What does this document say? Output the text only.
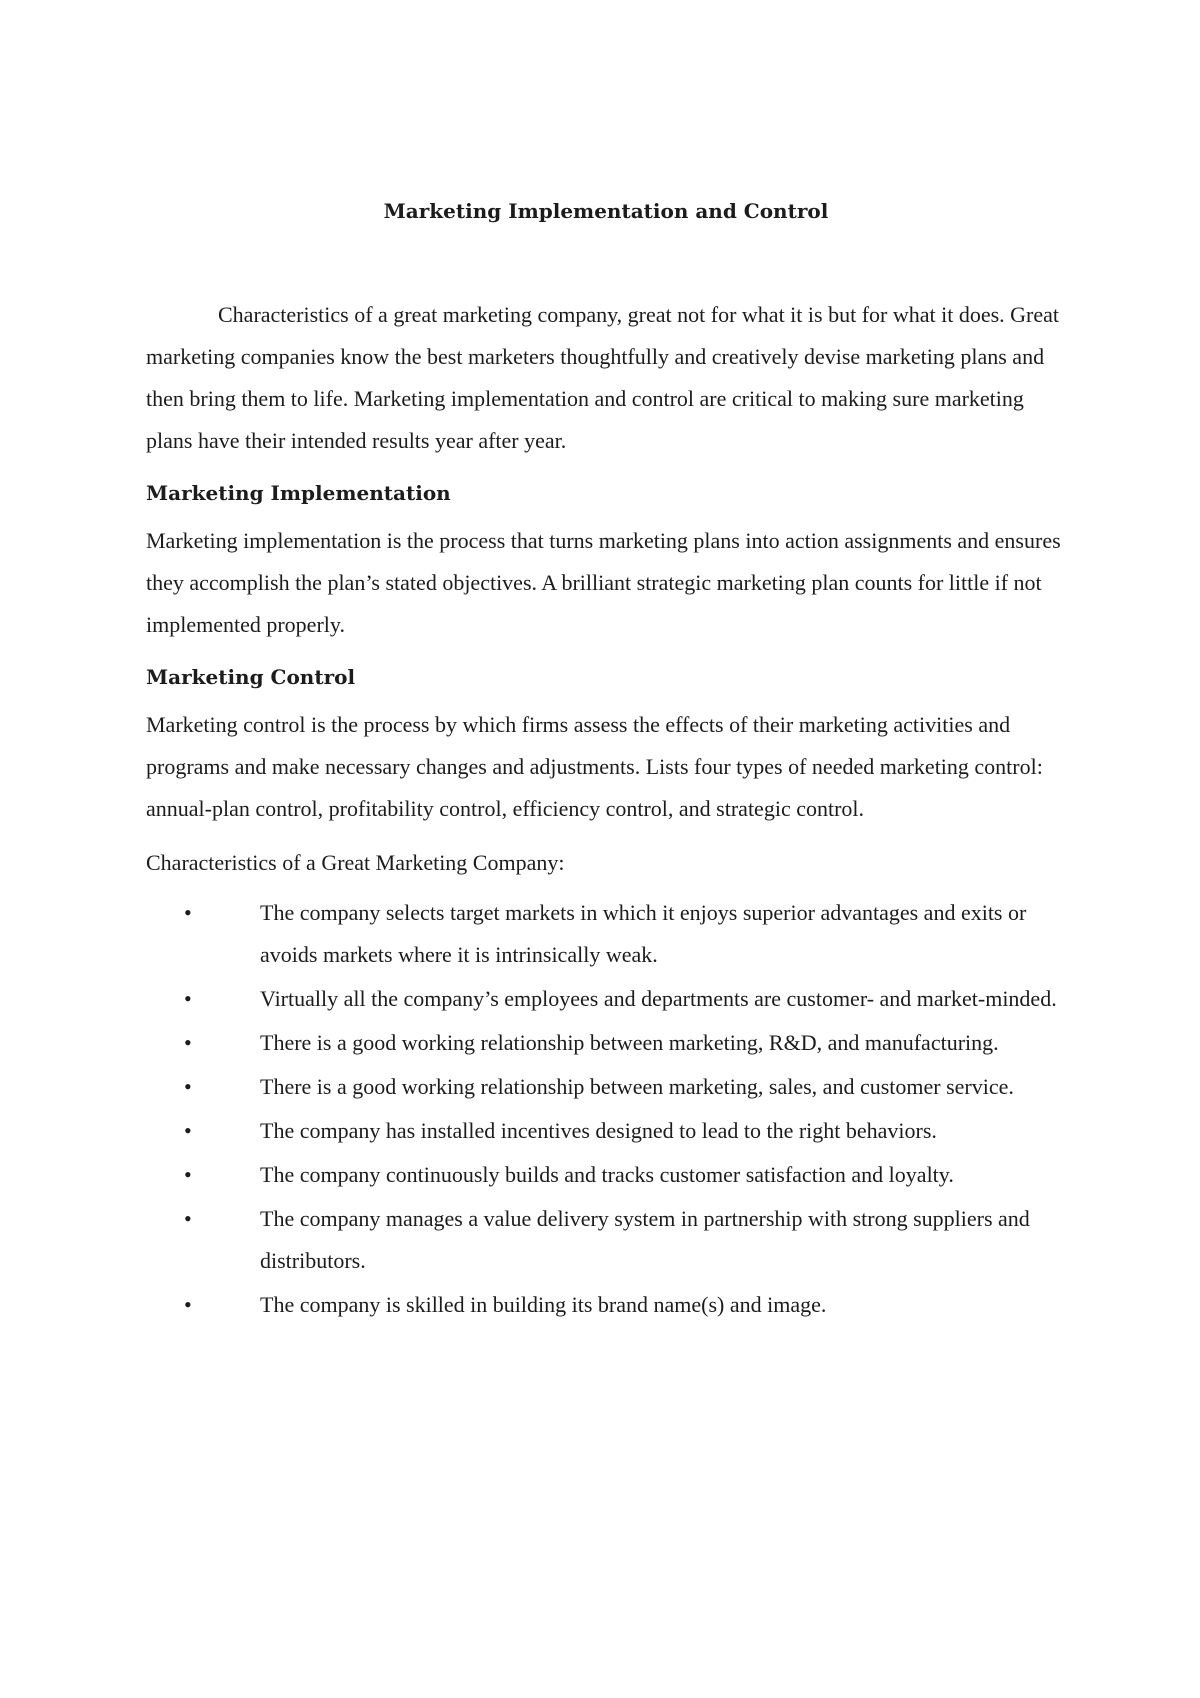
Marketing Implementation and Control

Characteristics of a great marketing company, great not for what it is but for what it does. Great marketing companies know the best marketers thoughtfully and creatively devise marketing plans and then bring them to life. Marketing implementation and control are critical to making sure marketing plans have their intended results year after year.

Marketing Implementation

Marketing implementation is the process that turns marketing plans into action assignments and ensures they accomplish the plan’s stated objectives. A brilliant strategic marketing plan counts for little if not implemented properly.

Marketing Control

Marketing control is the process by which firms assess the effects of their marketing activities and programs and make necessary changes and adjustments. Lists four types of needed marketing control: annual-plan control, profitability control, efficiency control, and strategic control.

Characteristics of a Great Marketing Company:

•	The company selects target markets in which it enjoys superior advantages and exits or avoids markets where it is intrinsically weak.
•	Virtually all the company’s employees and departments are customer- and market-minded.
•	There is a good working relationship between marketing, R&D, and manufacturing.
•	There is a good working relationship between marketing, sales, and customer service.
•	The company has installed incentives designed to lead to the right behaviors.
•	The company continuously builds and tracks customer satisfaction and loyalty.
•	The company manages a value delivery system in partnership with strong suppliers and distributors.
•	The company is skilled in building its brand name(s) and image.
